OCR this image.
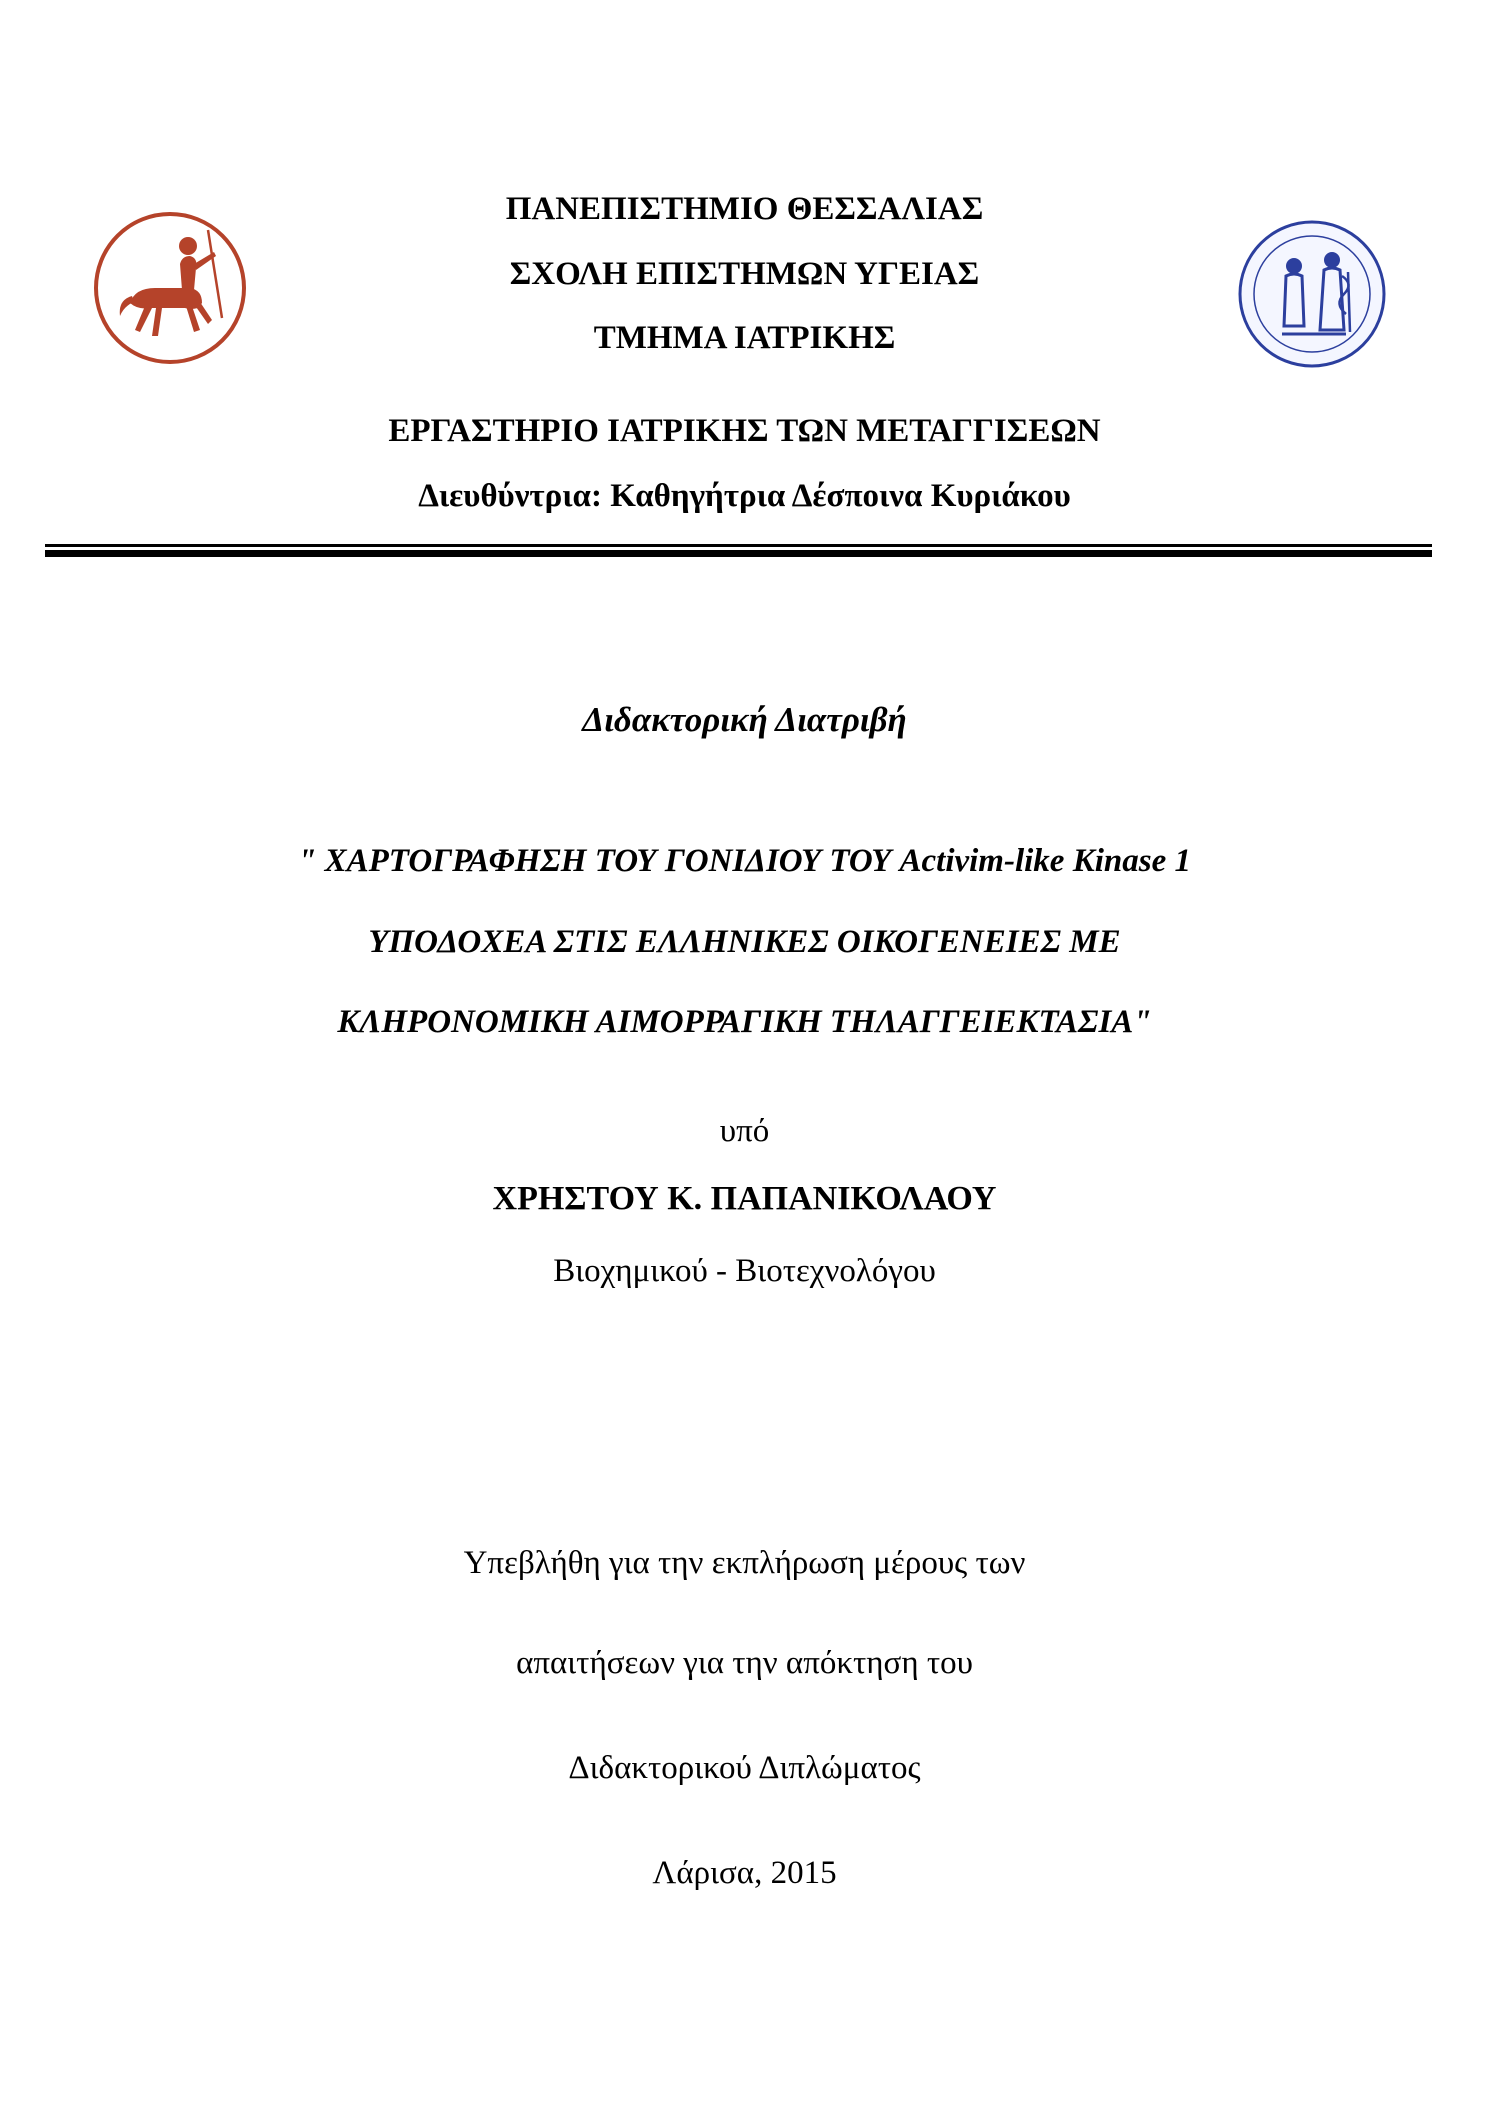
ΠΑΝΕΠΙΣΤΗΜΙΟ ΘΕΣΣΑΛΙΑΣ
ΣΧΟΛΗ ΕΠΙΣΤΗΜΩΝ ΥΓΕΙΑΣ
ΤΜΗΜΑ ΙΑΤΡΙΚΗΣ
ΕΡΓΑΣΤΗΡΙΟ ΙΑΤΡΙΚΗΣ ΤΩΝ ΜΕΤΑΓΓΙΣΕΩΝ
Διευθύντρια: Καθηγήτρια Δέσποινα Κυριάκου
Διδακτορική Διατριβή
" ΧΑΡΤΟΓΡΑΦΗΣΗ ΤΟΥ ΓΟΝΙΔΙΟΥ ΤΟΥ Activim-like Kinase 1
ΥΠΟΔΟΧΕΑ ΣΤΙΣ ΕΛΛΗΝΙΚΕΣ ΟΙΚΟΓΕΝΕΙΕΣ ΜΕ
ΚΛΗΡΟΝΟΜΙΚΗ ΑΙΜΟΡΡΑΓΙΚΗ ΤΗΛΑΓΓΕΙΕΚΤΑΣΙΑ"
υπό
ΧΡΗΣΤΟΥ Κ. ΠΑΠΑΝΙΚΟΛΑΟΥ
Βιοχημικού - Βιοτεχνολόγου
Υπεβλήθη για την εκπλήρωση μέρους των
απαιτήσεων για την απόκτηση του
Διδακτορικού Διπλώματος
Λάρισα, 2015
